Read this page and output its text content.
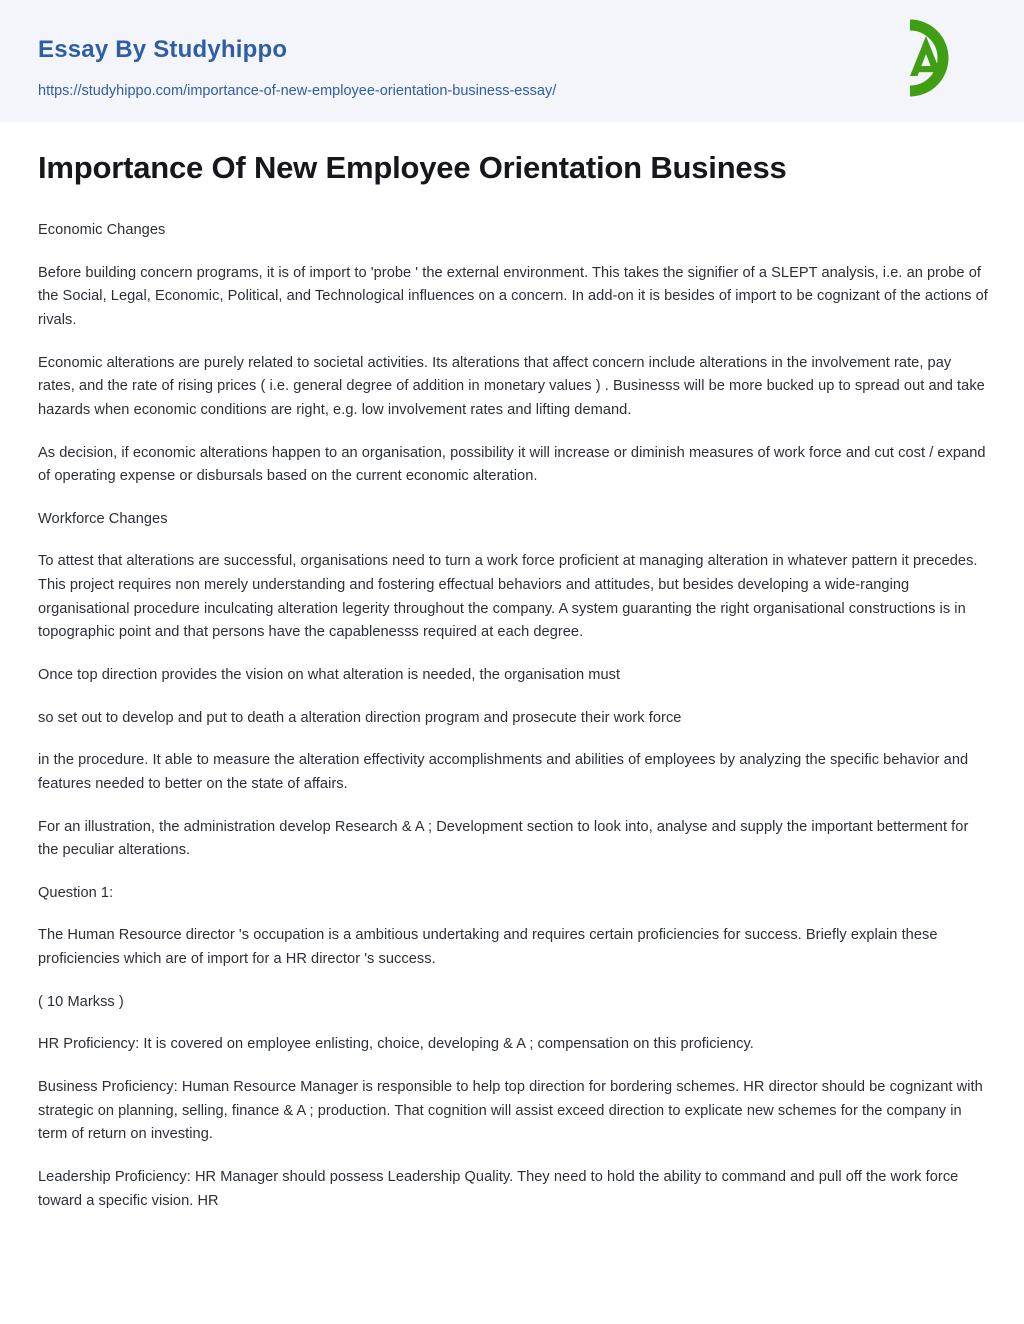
Essay By Studyhippo
https://studyhippo.com/importance-of-new-employee-orientation-business-essay/
Importance Of New Employee Orientation Business

Economic Changes

Before building concern programs, it is of import to 'probe ' the external environment. This takes the signifier of a SLEPT analysis, i.e. an probe of the Social, Legal, Economic, Political, and Technological influences on a concern. In add-on it is besides of import to be cognizant of the actions of rivals.

Economic alterations are purely related to societal activities. Its alterations that affect concern include alterations in the involvement rate, pay rates, and the rate of rising prices ( i.e. general degree of addition in monetary values ) . Businesss will be more bucked up to spread out and take hazards when economic conditions are right, e.g. low involvement rates and lifting demand.

As decision, if economic alterations happen to an organisation, possibility it will increase or diminish measures of work force and cut cost / expand of operating expense or disbursals based on the current economic alteration.

Workforce Changes

To attest that alterations are successful, organisations need to turn a work force proficient at managing alteration in whatever pattern it precedes. This project requires non merely understanding and fostering effectual behaviors and attitudes, but besides developing a wide-ranging organisational procedure inculcating alteration legerity throughout the company. A system guaranting the right organisational constructions is in topographic point and that persons have the capablenesss required at each degree.

Once top direction provides the vision on what alteration is needed, the organisation must

so set out to develop and put to death a alteration direction program and prosecute their work force

in the procedure. It able to measure the alteration effectivity accomplishments and abilities of employees by analyzing the specific behavior and features needed to better on the state of affairs.

For an illustration, the administration develop Research & A ; Development section to look into, analyse and supply the important betterment for the peculiar alterations.

Question 1:

The Human Resource director 's occupation is a ambitious undertaking and requires certain proficiencies for success. Briefly explain these proficiencies which are of import for a HR director 's success.

( 10 Markss )

HR Proficiency: It is covered on employee enlisting, choice, developing & A ; compensation on this proficiency.

Business Proficiency: Human Resource Manager is responsible to help top direction for bordering schemes. HR director should be cognizant with strategic on planning, selling, finance & A ; production. That cognition will assist exceed direction to explicate new schemes for the company in term of return on investing.

Leadership Proficiency: HR Manager should possess Leadership Quality. They need to hold the ability to command and pull off the work force toward a specific vision. HR
